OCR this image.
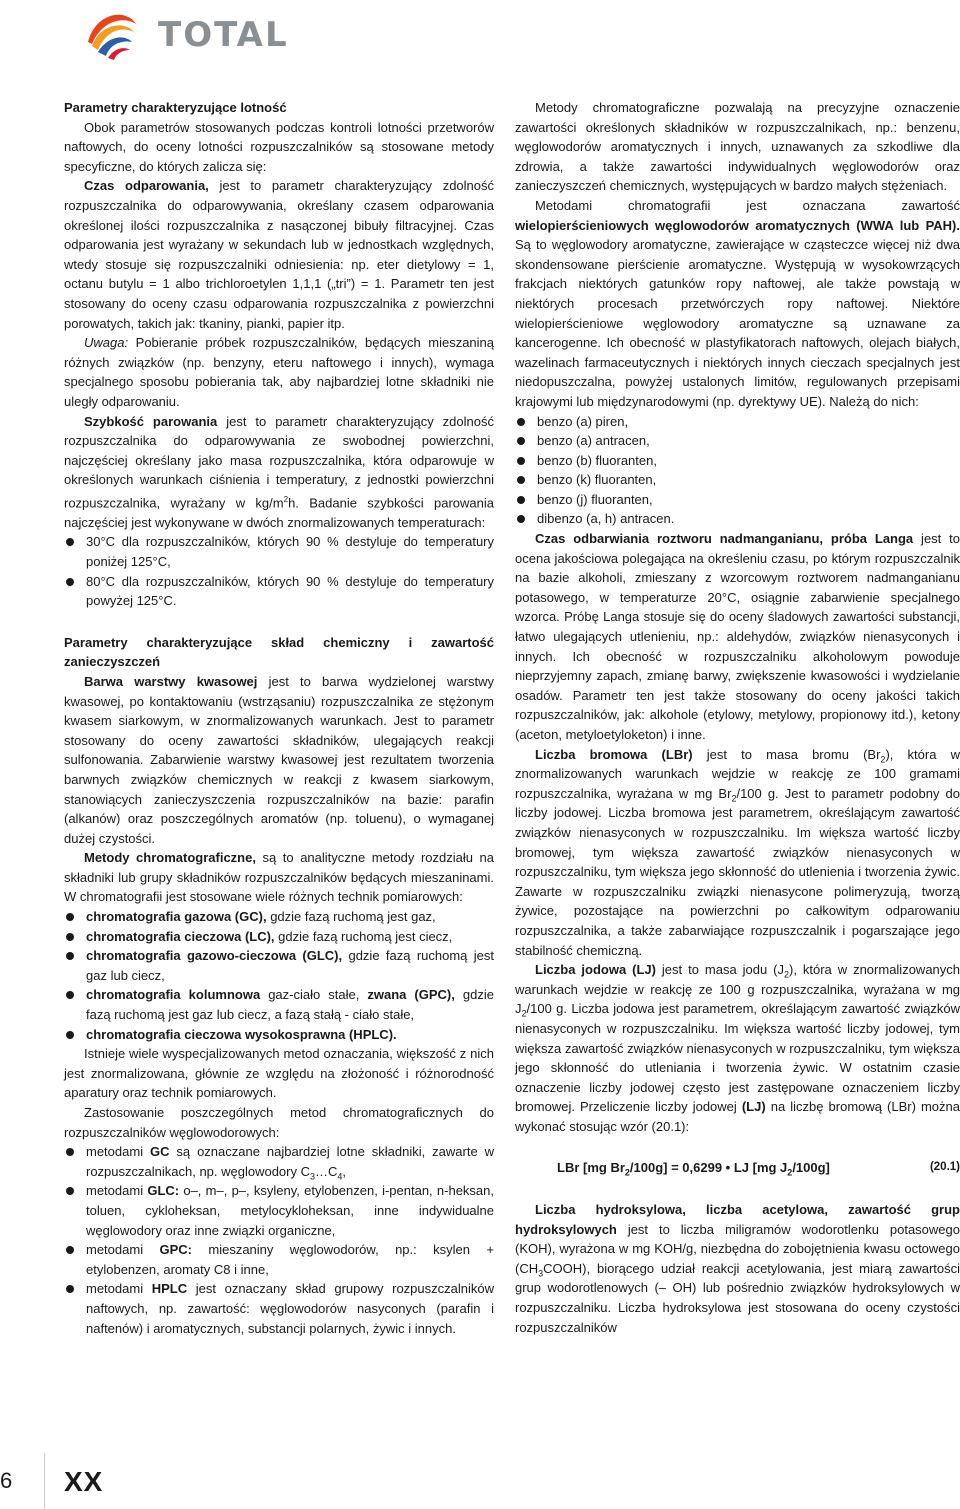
TOTAL
Parametry charakteryzujące lotność

Obok parametrów stosowanych podczas kontroli lotności przetworów naftowych, do oceny lotności rozpuszczalników są stosowane metody specyficzne, do których zalicza się:

Czas odparowania, jest to parametr charakteryzujący zdolność rozpuszczalnika do odparowywania, określany czasem odparowania określonej ilości rozpuszczalnika z nasączonej bibuły filtracyjnej. Czas odparowania jest wyrażany w sekundach lub w jednostkach względnych, wtedy stosuje się rozpuszczalniki odniesienia: np. eter dietylowy = 1, octanu butylu = 1 albo trichloroetylen 1,1,1 („tri”) = 1. Parametr ten jest stosowany do oceny czasu odparowania rozpuszczalnika z powierzchni porowatych, takich jak: tkaniny, pianki, papier itp.

Uwaga: Pobieranie próbek rozpuszczalników, będących mieszaniną różnych związków (np. benzyny, eteru naftowego i innych), wymaga specjalnego sposobu pobierania tak, aby najbardziej lotne składniki nie uległy odparowaniu.

Szybkość parowania jest to parametr charakteryzujący zdolność rozpuszczalnika do odparowywania ze swobodnej powierzchni, najczęściej określany jako masa rozpuszczalnika, która odparowuje w określonych warunkach ciśnienia i temperatury, z jednostki powierzchni rozpuszczalnika, wyrażany w $kg/m^2h$. Badanie szybkości parowania najczęściej jest wykonywane w dwóch znormalizowanych temperaturach:

30°C dla rozpuszczalników, których 90 % destyluje do temperatury poniżej 125°C,
80°C dla rozpuszczalników, których 90 % destyluje do temperatury powyżej 125°C.
Parametry charakteryzujące skład chemiczny i zawartość zanieczyszczeń

Barwa warstwy kwasowej jest to barwa wydzielonej warstwy kwasowej, po kontaktowaniu (wstrząsaniu) rozpuszczalnika ze stężonym kwasem siarkowym, w znormalizowanych warunkach. Jest to parametr stosowany do oceny zawartości składników, ulegających reakcji sulfonowania. Zabarwienie warstwy kwasowej jest rezultatem tworzenia barwnych związków chemicznych w reakcji z kwasem siarkowym, stanowiących zanieczyszczenia rozpuszczalników na bazie: parafin (alkanów) oraz poszczególnych aromatów (np. toluenu), o wymaganej dużej czystości.

Metody chromatograficzne, są to analityczne metody rozdziału na składniki lub grupy składników rozpuszczalników będących mieszaninami. W chromatografii jest stosowane wiele różnych technik pomiarowych:

chromatografia gazowa (GC), gdzie fazą ruchomą jest gaz,
chromatografia cieczowa (LC), gdzie fazą ruchomą jest ciecz,
chromatografia gazowo-cieczowa (GLC), gdzie fazą ruchomą jest gaz lub ciecz,
chromatografia kolumnowa gaz-ciało stałe, zwana (GPC), gdzie fazą ruchomą jest gaz lub ciecz, a fazą stałą - ciało stałe,
chromatografia cieczowa wysokosprawna (HPLC).

Istnieje wiele wyspecjalizowanych metod oznaczania, większość z nich jest znormalizowana, głównie ze względu na złożoność i różnorodność aparatury oraz technik pomiarowych.

Zastosowanie poszczególnych metod chromatograficznych do rozpuszczalników węglowodorowych:

metodami GC są oznaczane najbardziej lotne składniki, zawarte w rozpuszczalnikach, np. węglowodory $C_3\dots C_4$,
metodami GLC: o–, m–, p–, ksyleny, etylobenzen, i-pentan, n-heksan, toluen, cykloheksan, metylocykloheksan, inne indywidualne węglowodory oraz inne związki organiczne,
metodami GPC: mieszaniny węglowodorów, np.: ksylen + etylobenzen, aromaty C8 i inne,
metodami HPLC jest oznaczany skład grupowy rozpuszczalników naftowych, np. zawartość: węglowodorów nasyconych (parafin i naftenów) i aromatycznych, substancji polarnych, żywic i innych.

Metody chromatograficzne pozwalają na precyzyjne oznaczenie zawartości określonych składników w rozpuszczalnikach, np.: benzenu, węglowodorów aromatycznych i innych, uznawanych za szkodliwe dla zdrowia, a także zawartości indywidualnych węglowodorów oraz zanieczyszczeń chemicznych, występujących w bardzo małych stężeniach.

Metodami chromatografii jest oznaczana zawartość wielopierścieniowych węglowodorów aromatycznych (WWA lub PAH). Są to węglowodory aromatyczne, zawierające w cząsteczce więcej niż dwa skondensowane pierścienie aromatyczne. Występują w wysokowrzących frakcjach niektórych gatunków ropy naftowej, ale także powstają w niektórych procesach przetwórczych ropy naftowej. Niektóre wielopierścieniowe węglowodory aromatyczne są uznawane za kancerogenne. Ich obecność w plastyfikatorach naftowych, olejach białych, wazelinach farmaceutycznych i niektórych innych cieczach specjalnych jest niedopuszczalna, powyżej ustalonych limitów, regulowanych przepisami krajowymi lub międzynarodowymi (np. dyrektywy UE). Należą do nich:

benzo (a) piren,
benzo (a) antracen,
benzo (b) fluoranten,
benzo (k) fluoranten,
benzo (j) fluoranten,
dibenzo (a, h) antracen.

Czas odbarwiania roztworu nadmanganianu, próba Langa jest to ocena jakościowa polegająca na określeniu czasu, po którym rozpuszczalnik na bazie alkoholi, zmieszany z wzorcowym roztworem nadmanganianu potasowego, w temperaturze 20°C, osiągnie zabarwienie specjalnego wzorca. Próbę Langa stosuje się do oceny śladowych zawartości substancji, łatwo ulegających utlenieniu, np.: aldehydów, związków nienasyconych i innych. Ich obecność w rozpuszczalniku alkoholowym powoduje nieprzyjemny zapach, zmianę barwy, zwiększenie kwasowości i wydzielanie osadów. Parametr ten jest także stosowany do oceny jakości takich rozpuszczalników, jak: alkohole (etylowy, metylowy, propionowy itd.), ketony (aceton, metyloetyloketon) i inne.

Liczba bromowa (LBr) jest to masa bromu $(Br_2)$, która w znormalizowanych warunkach wejdzie w reakcję ze 100 gramami rozpuszczalnika, wyrażana w mg $Br_2/100$ g. Jest to parametr podobny do liczby jodowej. Liczba bromowa jest parametrem, określającym zawartość związków nienasyconych w rozpuszczalniku. Im większa wartość liczby bromowej, tym większa zawartość związków nienasyconych w rozpuszczalniku, tym większa jego skłonność do utlenienia i tworzenia żywic. Zawarte w rozpuszczalniku związki nienasycone polimeryzują, tworzą żywice, pozostające na powierzchni po całkowitym odparowaniu rozpuszczalnika, a także zabarwiające rozpuszczalnik i pogarszające jego stabilność chemiczną.

Liczba jodowa (LJ) jest to masa jodu $(J_2)$, która w znormalizowanych warunkach wejdzie w reakcję ze 100 g rozpuszczalnika, wyrażana w mg $J_2/100$ g. Liczba jodowa jest parametrem, określającym zawartość związków nienasyconych w rozpuszczalniku. Im większa wartość liczby jodowej, tym większa zawartość związków nienasyconych w rozpuszczalniku, tym większa jego skłonność do utleniania i tworzenia żywic. W ostatnim czasie oznaczenie liczby jodowej często jest zastępowane oznaczeniem liczby bromowej. Przeliczenie liczby jodowej (LJ) na liczbę bromową (LBr) można wykonać stosując wzór (20.1):

LBr [mg $Br_2/100g] = 0,6299$ • LJ [mg $J_2/100g$]	(20.1)

Liczba hydroksylowa, liczba acetylowa, zawartość grup hydroksylowych jest to liczba miligramów wodorotlenku potasowego (KOH), wyrażona w mg KOH/g, niezbędna do zobojętnienia kwasu octowego $(CH_3COOH)$, biorącego udział reakcji acetylowania, jest miarą zawartości grup wodorotlenowych (– OH) lub pośrednio związków hydroksylowych w rozpuszczalniku. Liczba hydroksylowa jest stosowana do oceny czystości rozpuszczalników

6 XX
